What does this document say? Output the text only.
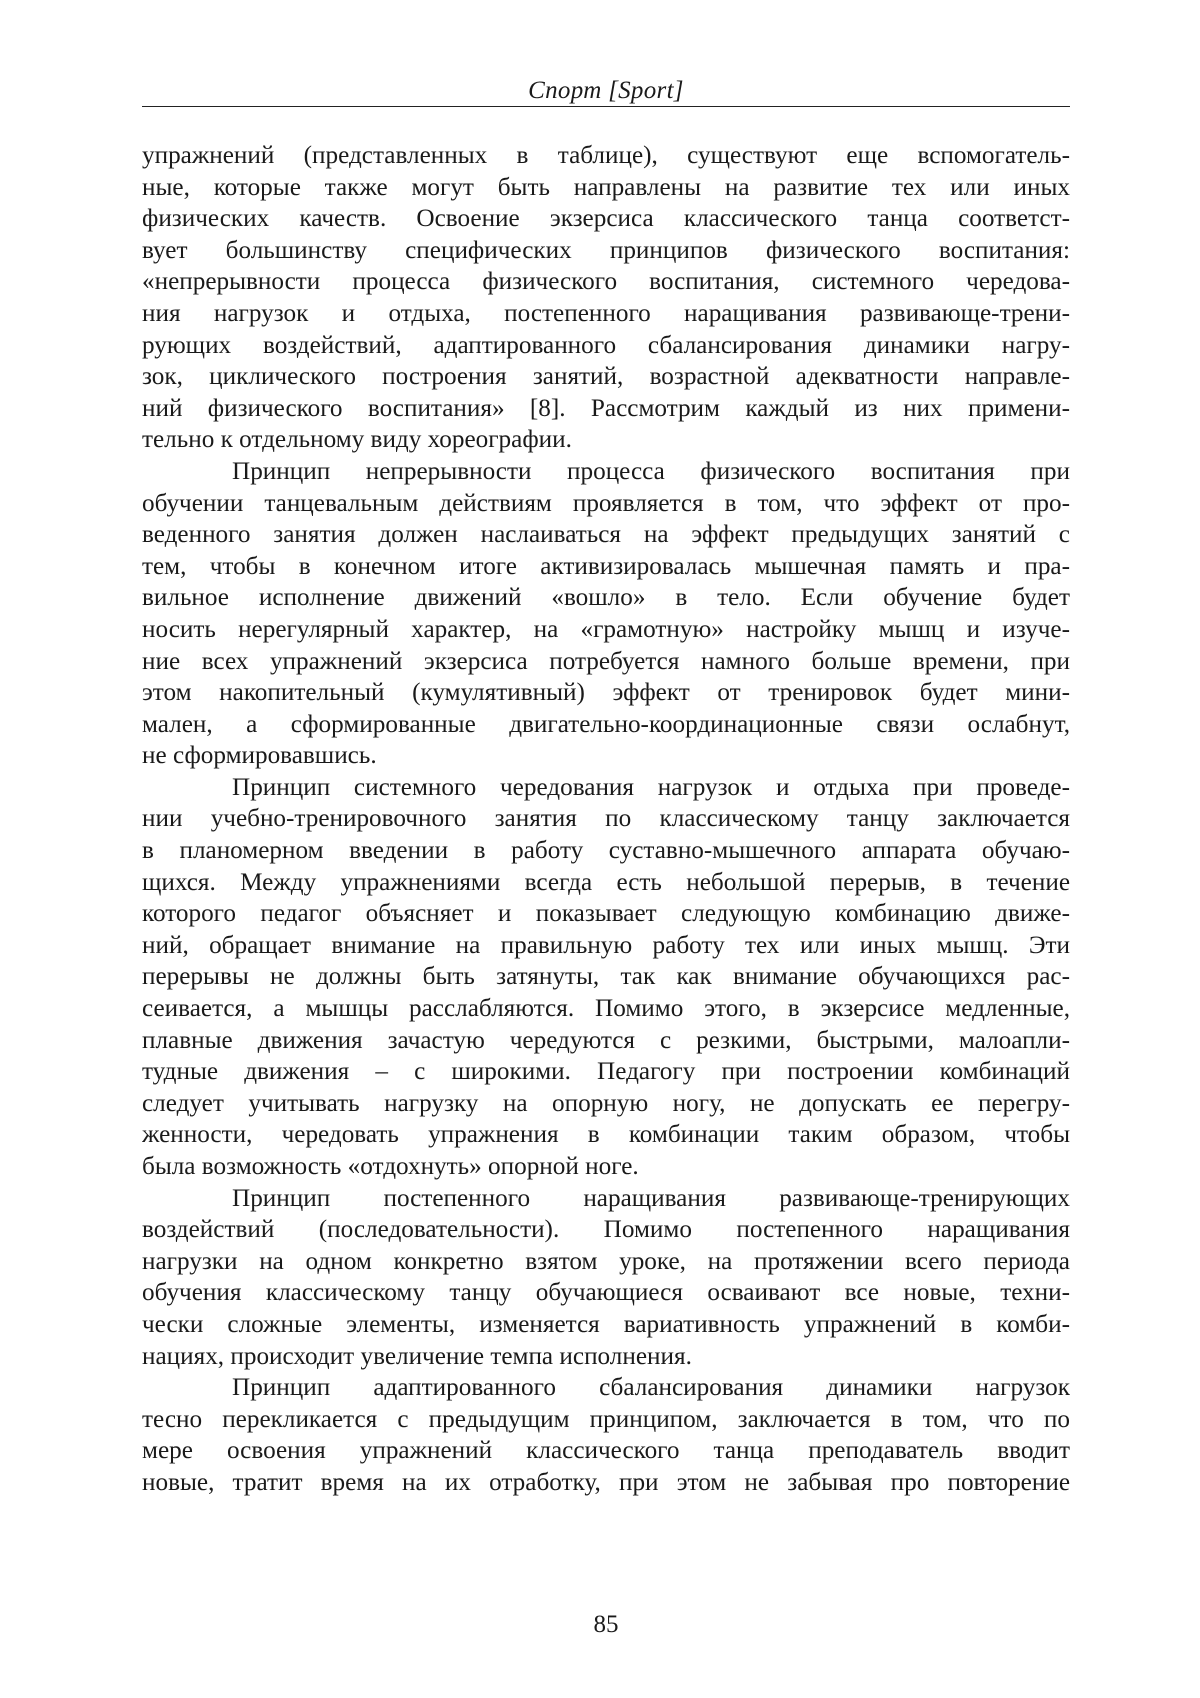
Спорт [Sport]

упражнений (представленных в таблице), существуют еще вспомогатель-

ные, которые также могут быть направлены на развитие тех или иных

физических качеств. Освоение экзерсиса классического танца соответст-

вует большинству специфических принципов физического воспитания:

«непрерывности процесса физического воспитания, системного чередова-

ния нагрузок и отдыха, постепенного наращивания развивающе-трени-

рующих воздействий, адаптированного сбалансирования динамики нагру-

зок, циклического построения занятий, возрастной адекватности направле-

ний физического воспитания» [8]. Рассмотрим каждый из них примени-

тельно к отдельному виду хореографии.

Принцип непрерывности процесса физического воспитания при

обучении танцевальным действиям проявляется в том, что эффект от про-

веденного занятия должен наслаиваться на эффект предыдущих занятий с

тем, чтобы в конечном итоге активизировалась мышечная память и пра-

вильное исполнение движений «вошло» в тело. Если обучение будет

носить нерегулярный характер, на «грамотную» настройку мышц и изуче-

ние всех упражнений экзерсиса потребуется намного больше времени, при

этом накопительный (кумулятивный) эффект от тренировок будет мини-

мален, а сформированные двигательно-координационные связи ослабнут,

не сформировавшись.

Принцип системного чередования нагрузок и отдыха при проведе-

нии учебно-тренировочного занятия по классическому танцу заключается

в планомерном введении в работу суставно-мышечного аппарата обучаю-

щихся. Между упражнениями всегда есть небольшой перерыв, в течение

которого педагог объясняет и показывает следующую комбинацию движе-

ний, обращает внимание на правильную работу тех или иных мышц. Эти

перерывы не должны быть затянуты, так как внимание обучающихся рас-

сеивается, а мышцы расслабляются. Помимо этого, в экзерсисе медленные,

плавные движения зачастую чередуются с резкими, быстрыми, малоапли-

тудные движения – с широкими. Педагогу при построении комбинаций

следует учитывать нагрузку на опорную ногу, не допускать ее перегру-

женности, чередовать упражнения в комбинации таким образом, чтобы

была возможность «отдохнуть» опорной ноге.

Принцип постепенного наращивания развивающе-тренирующих

воздействий (последовательности). Помимо постепенного наращивания

нагрузки на одном конкретно взятом уроке, на протяжении всего периода

обучения классическому танцу обучающиеся осваивают все новые, техни-

чески сложные элементы, изменяется вариативность упражнений в комби-

нациях, происходит увеличение темпа исполнения.

Принцип адаптированного сбалансирования динамики нагрузок

тесно перекликается с предыдущим принципом, заключается в том, что по

мере освоения упражнений классического танца преподаватель вводит

новые, тратит время на их отработку, при этом не забывая про повторение

85
